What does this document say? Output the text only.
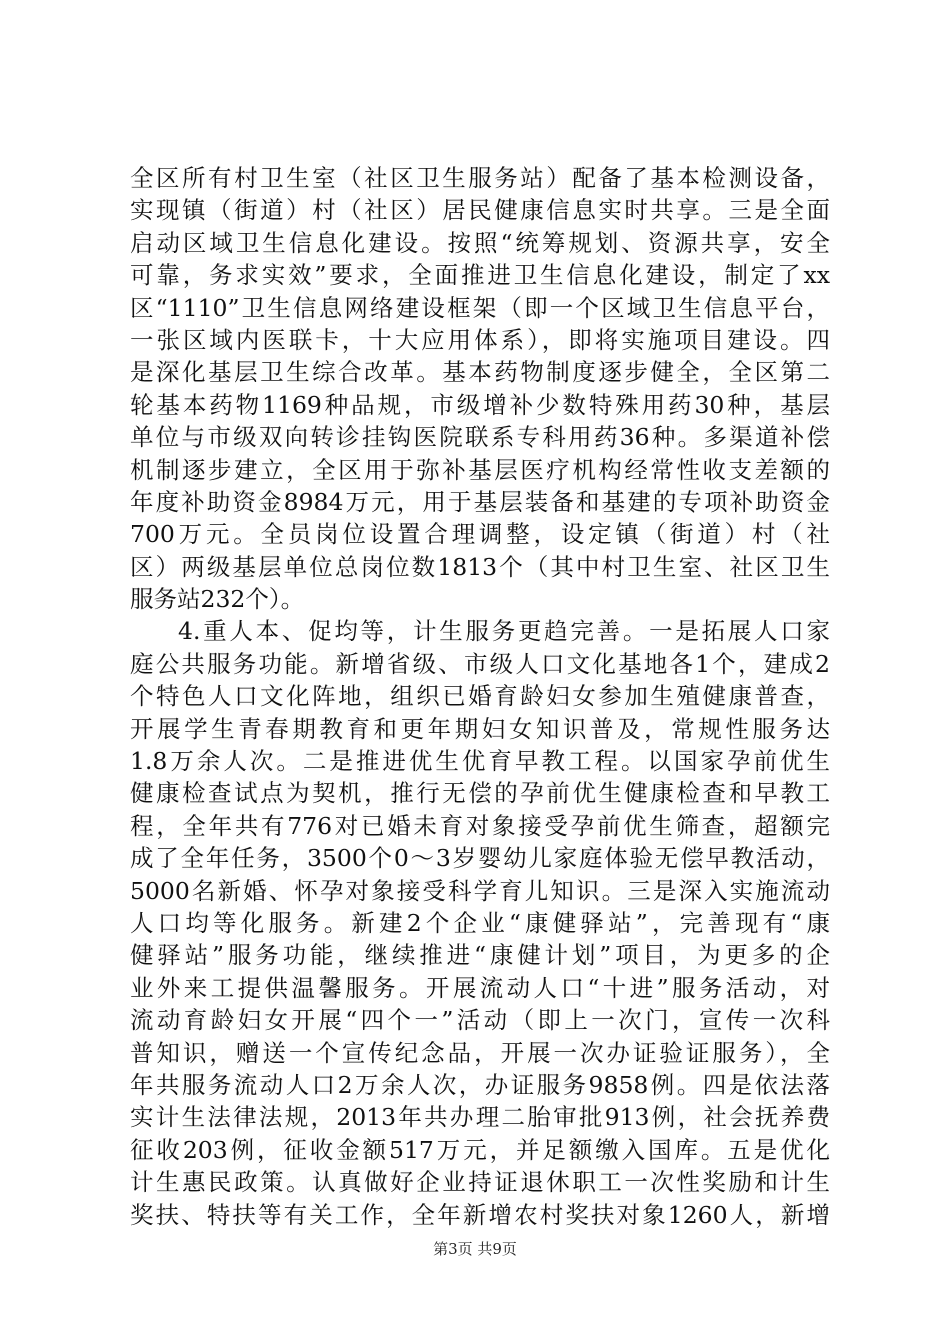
全区所有村卫生室（社区卫生服务站）配备了基本检测设备，
实现镇（街道）村（社区）居民健康信息实时共享。三是全面
启动区域卫生信息化建设。按照“统筹规划、资源共享，安全
可靠，务求实效”要求，全面推进卫生信息化建设，制定了xx
区“1110”卫生信息网络建设框架（即一个区域卫生信息平台，
一张区域内医联卡，十大应用体系），即将实施项目建设。四
是深化基层卫生综合改革。基本药物制度逐步健全，全区第二
轮基本药物1169种品规，市级增补少数特殊用药30种，基层
单位与市级双向转诊挂钩医院联系专科用药36种。多渠道补偿
机制逐步建立，全区用于弥补基层医疗机构经常性收支差额的
年度补助资金8984万元，用于基层装备和基建的专项补助资金
700万元。全员岗位设置合理调整，设定镇（街道）村（社
区）两级基层单位总岗位数1813个（其中村卫生室、社区卫生
服务站232个）。
4.重人本、促均等，计生服务更趋完善。一是拓展人口家
庭公共服务功能。新增省级、市级人口文化基地各1个，建成2
个特色人口文化阵地，组织已婚育龄妇女参加生殖健康普查，
开展学生青春期教育和更年期妇女知识普及，常规性服务达
1.8万余人次。二是推进优生优育早教工程。以国家孕前优生
健康检查试点为契机，推行无偿的孕前优生健康检查和早教工
程，全年共有776对已婚未育对象接受孕前优生筛查，超额完
成了全年任务，3500个0～3岁婴幼儿家庭体验无偿早教活动，
5000名新婚、怀孕对象接受科学育儿知识。三是深入实施流动
人口均等化服务。新建2个企业“康健驿站”，完善现有“康
健驿站”服务功能，继续推进“康健计划”项目，为更多的企
业外来工提供温馨服务。开展流动人口“十进”服务活动，对
流动育龄妇女开展“四个一”活动（即上一次门，宣传一次科
普知识，赠送一个宣传纪念品，开展一次办证验证服务），全
年共服务流动人口2万余人次，办证服务9858例。四是依法落
实计生法律法规，2013年共办理二胎审批913例，社会抚养费
征收203例，征收金额517万元，并足额缴入国库。五是优化
计生惠民政策。认真做好企业持证退休职工一次性奖励和计生
奖扶、特扶等有关工作，全年新增农村奖扶对象1260人，新增
第3页 共9页
